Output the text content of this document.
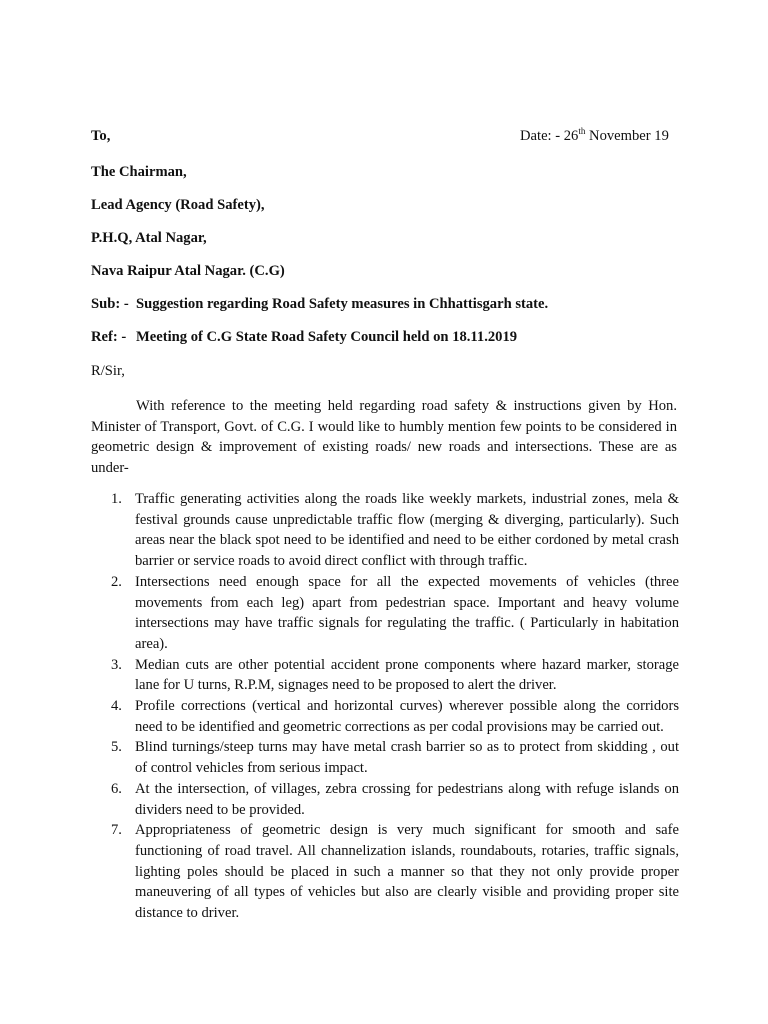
To,	Date: - 26th November 19
The Chairman,
Lead Agency (Road Safety),
P.H.Q, Atal Nagar,
Nava Raipur Atal Nagar. (C.G)
Sub: - Suggestion regarding Road Safety measures in Chhattisgarh state.
Ref: - Meeting of C.G State Road Safety Council held on 18.11.2019
R/Sir,
With reference to the meeting held regarding road safety & instructions given by Hon. Minister of Transport, Govt. of C.G. I would like to humbly mention few points to be considered in geometric design & improvement of existing roads/ new roads and intersections. These are as under-
1. Traffic generating activities along the roads like weekly markets, industrial zones, mela & festival grounds cause unpredictable traffic flow (merging & diverging, particularly). Such areas near the black spot need to be identified and need to be either cordoned by metal crash barrier or service roads to avoid direct conflict with through traffic.
2. Intersections need enough space for all the expected movements of vehicles (three movements from each leg) apart from pedestrian space. Important and heavy volume intersections may have traffic signals for regulating the traffic. ( Particularly in habitation area).
3. Median cuts are other potential accident prone components where hazard marker, storage lane for U turns, R.P.M, signages need to be proposed to alert the driver.
4. Profile corrections (vertical and horizontal curves) wherever possible along the corridors need to be identified and geometric corrections as per codal provisions may be carried out.
5. Blind turnings/steep turns may have metal crash barrier so as to protect from skidding , out of control vehicles from serious impact.
6. At the intersection, of villages, zebra crossing for pedestrians along with refuge islands on dividers need to be provided.
7. Appropriateness of geometric design is very much significant for smooth and safe functioning of road travel. All channelization islands, roundabouts, rotaries, traffic signals, lighting poles should be placed in such a manner so that they not only provide proper maneuvering of all types of vehicles but also are clearly visible and providing proper site distance to driver.
